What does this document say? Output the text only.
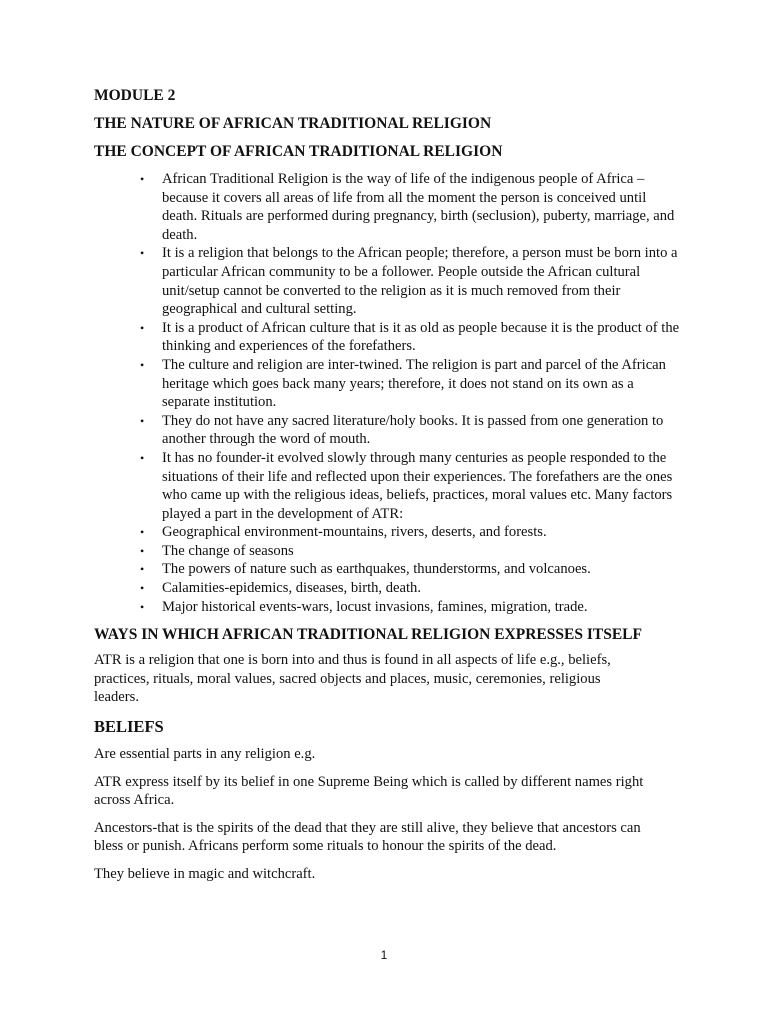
MODULE 2
THE NATURE OF AFRICAN TRADITIONAL RELIGION
THE CONCEPT OF AFRICAN TRADITIONAL RELIGION
• African Traditional Religion is the way of life of the indigenous people of Africa – because it covers all areas of life from all the moment the person is conceived until death. Rituals are performed during pregnancy, birth (seclusion), puberty, marriage, and death.
• It is a religion that belongs to the African people; therefore, a person must be born into a particular African community to be a follower. People outside the African cultural unit/setup cannot be converted to the religion as it is much removed from their geographical and cultural setting.
• It is a product of African culture that is it as old as people because it is the product of the thinking and experiences of the forefathers.
• The culture and religion are inter-twined. The religion is part and parcel of the African heritage which goes back many years; therefore, it does not stand on its own as a separate institution.
• They do not have any sacred literature/holy books. It is passed from one generation to another through the word of mouth.
• It has no founder-it evolved slowly through many centuries as people responded to the situations of their life and reflected upon their experiences. The forefathers are the ones who came up with the religious ideas, beliefs, practices, moral values etc. Many factors played a part in the development of ATR:
• Geographical environment-mountains, rivers, deserts, and forests.
• The change of seasons
• The powers of nature such as earthquakes, thunderstorms, and volcanoes.
• Calamities-epidemics, diseases, birth, death.
• Major historical events-wars, locust invasions, famines, migration, trade.
WAYS IN WHICH AFRICAN TRADITIONAL RELIGION EXPRESSES ITSELF

ATR is a religion that one is born into and thus is found in all aspects of life e.g., beliefs, practices, rituals, moral values, sacred objects and places, music, ceremonies, religious leaders.

BELIEFS

Are essential parts in any religion e.g.

ATR express itself by its belief in one Supreme Being which is called by different names right across Africa.

Ancestors-that is the spirits of the dead that they are still alive, they believe that ancestors can bless or punish. Africans perform some rituals to honour the spirits of the dead.

They believe in magic and witchcraft.

1
